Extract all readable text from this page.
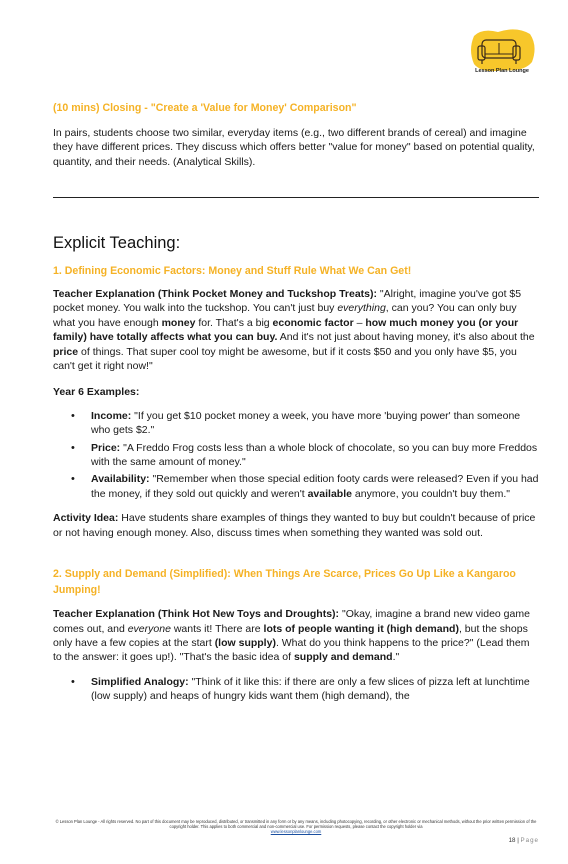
Lesson Plan Lounge
(10 mins) Closing - "Create a 'Value for Money' Comparison"

In pairs, students choose two similar, everyday items (e.g., two different brands of cereal) and imagine they have different prices. They discuss which offers better "value for money" based on potential quality, quantity, and their needs. (Analytical Skills).

Explicit Teaching:
1. Defining Economic Factors: Money and Stuff Rule What We Can Get!

Teacher Explanation (Think Pocket Money and Tuckshop Treats): "Alright, imagine you've got $5 pocket money. You walk into the tuckshop. You can't just buy everything, can you? You can only buy what you have enough money for. That's a big economic factor – how much money you (or your family) have totally affects what you can buy. And it's not just about having money, it's also about the price of things. That super cool toy might be awesome, but if it costs $50 and you only have $5, you can't get it right now!"

Year 6 Examples:

• Income: "If you get $10 pocket money a week, you have more 'buying power' than someone who gets $2."
• Price: "A Freddo Frog costs less than a whole block of chocolate, so you can buy more Freddos with the same amount of money."
• Availability: "Remember when those special edition footy cards were released? Even if you had the money, if they sold out quickly and weren't available anymore, you couldn't buy them."

Activity Idea: Have students share examples of things they wanted to buy but couldn't because of price or not having enough money. Also, discuss times when something they wanted was sold out.

2. Supply and Demand (Simplified): When Things Are Scarce, Prices Go Up Like a Kangaroo Jumping!

Teacher Explanation (Think Hot New Toys and Droughts): "Okay, imagine a brand new video game comes out, and everyone wants it! There are lots of people wanting it (high demand), but the shops only have a few copies at the start (low supply). What do you think happens to the price?" (Lead them to the answer: it goes up!). "That's the basic idea of supply and demand."

• Simplified Analogy: "Think of it like this: if there are only a few slices of pizza left at lunchtime (low supply) and heaps of hungry kids want them (high demand), the
© Lesson Plan Lounge - All rights reserved. No part of this document may be reproduced, distributed, or transmitted in any form or by any means, including photocopying, recording, or other electronic or mechanical methods, without the prior written permission of the copyright holder. This applies to both commercial and non-commercial use. For permission requests, please contact the copyright holder via
www.lessonplanlounge.com
18 | Page
